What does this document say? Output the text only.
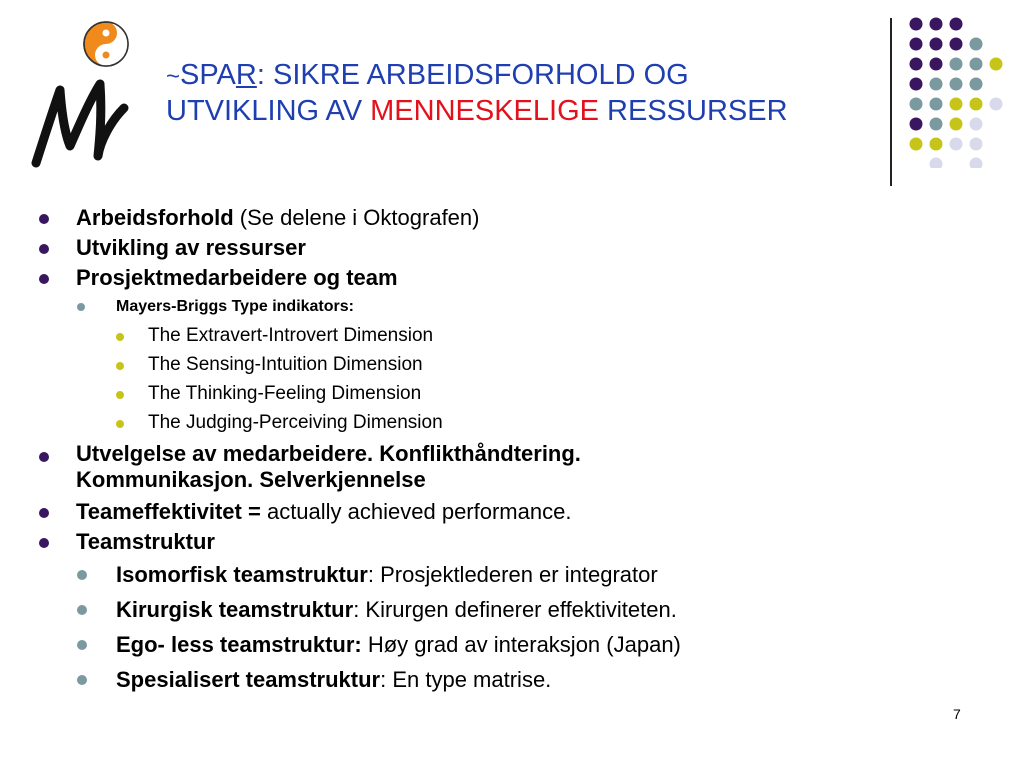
~SPAR: SIKRE ARBEIDSFORHOLD OG
UTVIKLING AV MENNESKELIGE RESSURSER
Arbeidsforhold (Se delene i Oktografen)
Utvikling av ressurser
Prosjektmedarbeidere og team
Mayers-Briggs Type indikators:
The Extravert-Introvert Dimension
The Sensing-Intuition Dimension
The Thinking-Feeling Dimension
The Judging-Perceiving Dimension
Utvelgelse av medarbeidere. Konflikthåndtering.
Kommunikasjon. Selverkjennelse
Teameffektivitet = actually achieved performance.
Teamstruktur
Isomorfisk teamstruktur: Prosjektlederen er integrator
Kirurgisk teamstruktur: Kirurgen definerer effektiviteten.
Ego- less teamstruktur: Høy grad av interaksjon (Japan)
Spesialisert teamstruktur: En type matrise.
7
